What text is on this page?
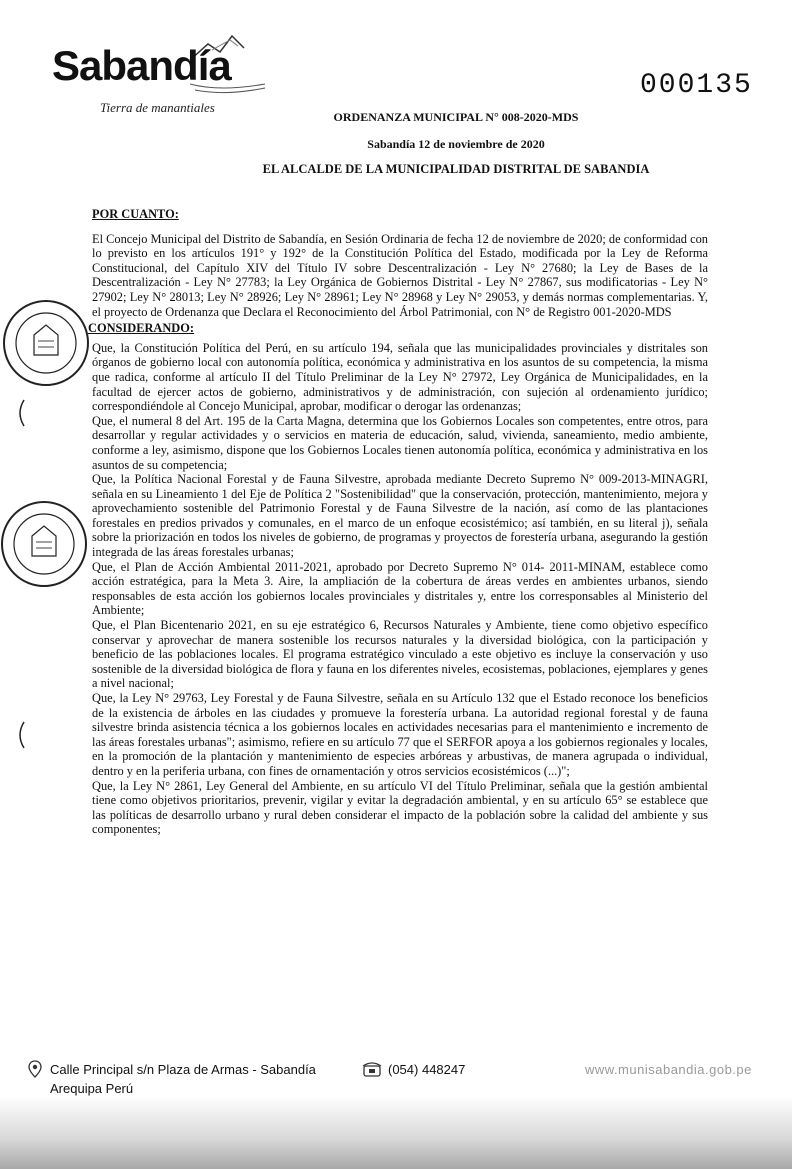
Sabandía
Tierra de manantiales
000135
ORDENANZA MUNICIPAL N° 008-2020-MDS
Sabandía 12 de noviembre de 2020
EL ALCALDE DE LA MUNICIPALIDAD DISTRITAL DE SABANDIA
POR CUANTO:

El Concejo Municipal del Distrito de Sabandía, en Sesión Ordinaria de fecha 12 de noviembre de 2020; de conformidad con lo previsto en los artículos 191° y 192° de la Constitución Política del Estado, modificada por la Ley de Reforma Constitucional, del Capítulo XIV del Título IV sobre Descentralización - Ley N° 27680; la Ley de Bases de la Descentralización - Ley N° 27783; la Ley Orgánica de Gobiernos Distrital - Ley N° 27867, sus modificatorias - Ley N° 27902; Ley N° 28013; Ley N° 28926; Ley N° 28961; Ley N° 28968 y Ley N° 29053, y demás normas complementarias. Y, el proyecto de Ordenanza que Declara el Reconocimiento del Árbol Patrimonial, con N° de Registro 001-2020-MDS

CONSIDERANDO:

Que, la Constitución Política del Perú, en su artículo 194, señala que las municipalidades provinciales y distritales son órganos de gobierno local con autonomía política, económica y administrativa en los asuntos de su competencia, la misma que radica, conforme al artículo II del Título Preliminar de la Ley N° 27972, Ley Orgánica de Municipalidades, en la facultad de ejercer actos de gobierno, administrativos y de administración, con sujeción al ordenamiento jurídico; correspondiéndole al Concejo Municipal, aprobar, modificar o derogar las ordenanzas;

Que, el numeral 8 del Art. 195 de la Carta Magna, determina que los Gobiernos Locales son competentes, entre otros, para desarrollar y regular actividades y o servicios en materia de educación, salud, vivienda, saneamiento, medio ambiente, conforme a ley, asimismo, dispone que los Gobiernos Locales tienen autonomía política, económica y administrativa en los asuntos de su competencia;

Que, la Política Nacional Forestal y de Fauna Silvestre, aprobada mediante Decreto Supremo N° 009-2013-MINAGRI, señala en su Lineamiento 1 del Eje de Política 2 "Sostenibilidad" que la conservación, protección, mantenimiento, mejora y aprovechamiento sostenible del Patrimonio Forestal y de Fauna Silvestre de la nación, así como de las plantaciones forestales en predios privados y comunales, en el marco de un enfoque ecosistémico; así también, en su literal j), señala sobre la priorización en todos los niveles de gobierno, de programas y proyectos de forestería urbana, asegurando la gestión integrada de las áreas forestales urbanas;

Que, el Plan de Acción Ambiental 2011-2021, aprobado por Decreto Supremo N° 014- 2011-MINAM, establece como acción estratégica, para la Meta 3. Aire, la ampliación de la cobertura de áreas verdes en ambientes urbanos, siendo responsables de esta acción los gobiernos locales provinciales y distritales y, entre los corresponsables al Ministerio del Ambiente;

Que, el Plan Bicentenario 2021, en su eje estratégico 6, Recursos Naturales y Ambiente, tiene como objetivo específico conservar y aprovechar de manera sostenible los recursos naturales y la diversidad biológica, con la participación y beneficio de las poblaciones locales. El programa estratégico vinculado a este objetivo es incluye la conservación y uso sostenible de la diversidad biológica de flora y fauna en los diferentes niveles, ecosistemas, poblaciones, ejemplares y genes a nivel nacional;

Que, la Ley N° 29763, Ley Forestal y de Fauna Silvestre, señala en su Artículo 132 que el Estado reconoce los beneficios de la existencia de árboles en las ciudades y promueve la forestería urbana. La autoridad regional forestal y de fauna silvestre brinda asistencia técnica a los gobiernos locales en actividades necesarias para el mantenimiento e incremento de las áreas forestales urbanas"; asimismo, refiere en su artículo 77 que el SERFOR apoya a los gobiernos regionales y locales, en la promoción de la plantación y mantenimiento de especies arbóreas y arbustivas, de manera agrupada o individual, dentro y en la periferia urbana, con fines de ornamentación y otros servicios ecosistémicos (...)";

Que, la Ley N° 2861, Ley General del Ambiente, en su artículo VI del Título Preliminar, señala que la gestión ambiental tiene como objetivos prioritarios, prevenir, vigilar y evitar la degradación ambiental, y en su artículo 65° se establece que las políticas de desarrollo urbano y rural deben considerar el impacto de la población sobre la calidad del ambiente y sus componentes;

Calle Principal s/n Plaza de Armas - Sabandía
Arequipa Perú
(054) 448247	www.munisabandia.gob.pe
